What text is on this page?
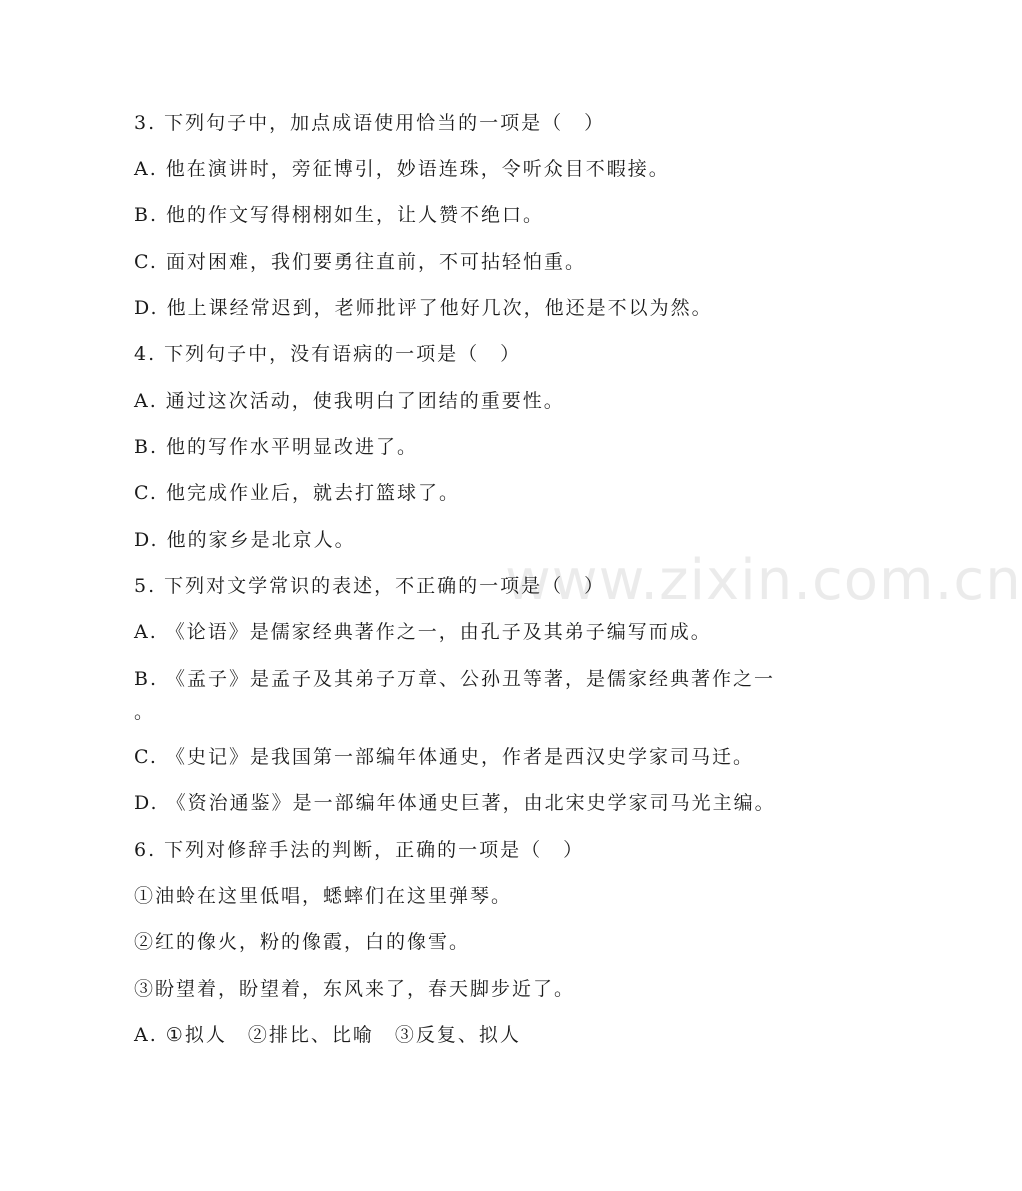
www.zixin.com.cn
3. 下列句子中，加点成语使用恰当的一项是（　）
A. 他在演讲时，旁征博引，妙语连珠，令听众目不暇接。
B. 他的作文写得栩栩如生，让人赞不绝口。
C. 面对困难，我们要勇往直前，不可拈轻怕重。
D. 他上课经常迟到，老师批评了他好几次，他还是不以为然。
4. 下列句子中，没有语病的一项是（　）
A. 通过这次活动，使我明白了团结的重要性。
B. 他的写作水平明显改进了。
C. 他完成作业后，就去打篮球了。
D. 他的家乡是北京人。
5. 下列对文学常识的表述，不正确的一项是（　）
A. 《论语》是儒家经典著作之一，由孔子及其弟子编写而成。
B. 《孟子》是孟子及其弟子万章、公孙丑等著，是儒家经典著作之一
。
C. 《史记》是我国第一部编年体通史，作者是西汉史学家司马迁。
D. 《资治通鉴》是一部编年体通史巨著，由北宋史学家司马光主编。
6. 下列对修辞手法的判断，正确的一项是（　）
①油蛉在这里低唱，蟋蟀们在这里弹琴。
②红的像火，粉的像霞，白的像雪。
③盼望着，盼望着，东风来了，春天脚步近了。
A. ①拟人　②排比、比喻　③反复、拟人
